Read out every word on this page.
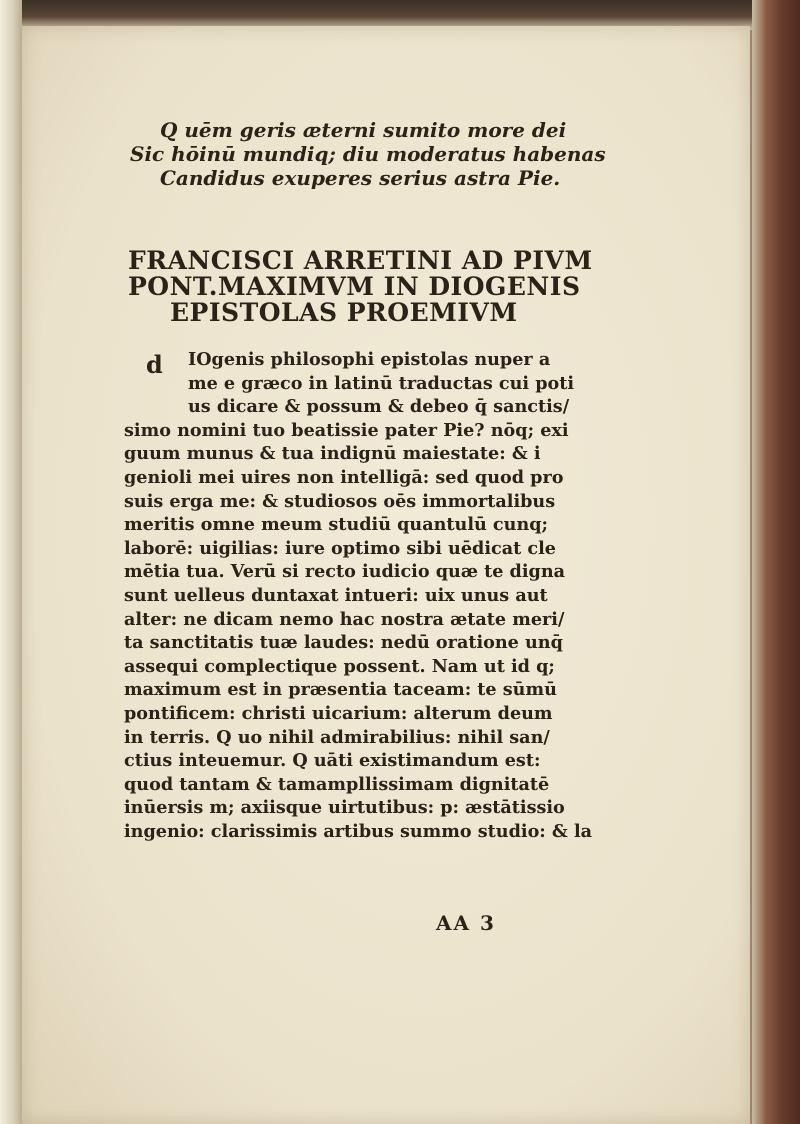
Q uēm geris æterni sumito more dei
Sic hōinū mundiq; diu moderatus habenas
Candidus exuperes serius astra Pie.
FRANCISCI ARRETINI AD PIVM
PONT.MAXIMVM IN DIOGENIS
EPISTOLAS PROEMIVM
d	IOgenis philosophi epistolas nuper a
me e græco in latinū traductas cui poti
us dicare & possum & debeo q̄ sanctis/
simo nomini tuo beatissie pater Pie? nōq; exi
guum munus & tua indignū maiestate: & i
genioli mei uires non intelligā: sed quod pro
suis erga me: & studiosos oēs immortalibus
meritis omne meum studiū quantulū cunq;
laborē: uigilias: iure optimo sibi uēdicat cle
mētia tua. Verū si recto iudicio quæ te digna
sunt uelleus duntaxat intueri: uix unus aut
alter: ne dicam nemo hac nostra ætate meri/
ta sanctitatis tuæ laudes: nedū oratione unq̄
assequi complectique possent. Nam ut id q;
maximum est in præsentia taceam: te sūmū
pontificem: christi uicarium: alterum deum
in terris. Q uo nihil admirabilius: nihil san/
ctius inteuemur. Q uāti existimandum est:
quod tantam & tamampllissimam dignitatē
inūersis m; axiisque uirtutibus: p: æstātissio
ingenio: clarissimis artibus summo studio: & la
AA 3
